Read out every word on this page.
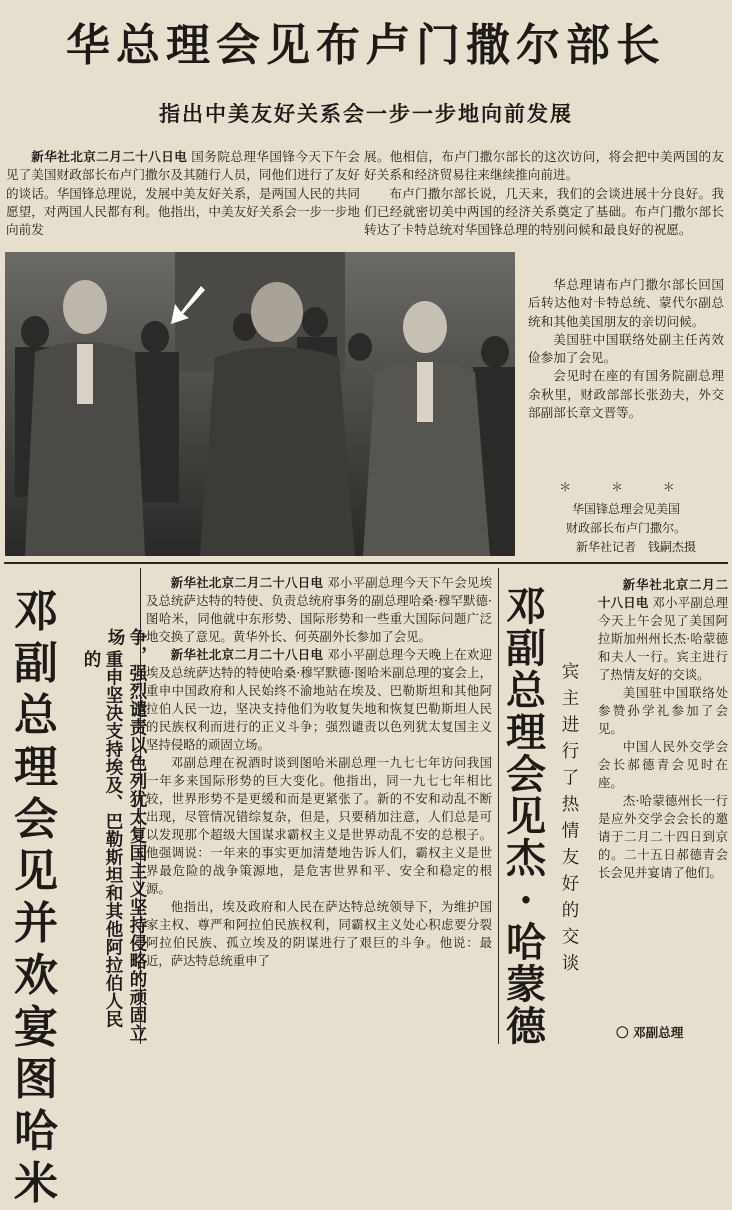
华总理会见布卢门撒尔部长
指出中美友好关系会一步一步地向前发展

新华社北京二月二十八日电 国务院总理华国锋今天下午会见了美国财政部长布卢门撒尔及其随行人员，同他们进行了友好的谈话。华国锋总理说，发展中美友好关系，是两国人民的共同愿望，对两国人民都有利。他指出，中美友好关系会一步一步地向前发

展。他相信，布卢门撒尔部长的这次访问，将会把中美两国的友好关系和经济贸易往来继续推向前进。

布卢门撒尔部长说，几天来，我们的会谈进展十分良好。我们已经就密切美中两国的经济关系奠定了基础。布卢门撒尔部长转达了卡特总统对华国锋总理的特别问候和最良好的祝愿。

华总理请布卢门撒尔部长回国后转达他对卡特总统、蒙代尔副总统和其他美国朋友的亲切问候。

美国驻中国联络处副主任芮效俭参加了会见。

会见时在座的有国务院副总理余秋里，财政部部长张劲夫，外交部副部长章文晋等。

＊ ＊ ＊
华国锋总理会见美国
财政部长布卢门撒尔。
新华社记者　钱嗣杰摄
邓
副
总
理
会
见
并
欢
宴
图
哈
米
争，强烈谴责以色列犹太复国主义坚持侵略的顽固立场
重申坚决支持埃及、巴勒斯坦和其他阿拉伯人民的

新华社北京二月二十八日电 邓小平副总理今天下午会见埃及总统萨达特的特使、负责总统府事务的副总理哈桑·穆罕默德·图哈米，同他就中东形势、国际形势和一些重大国际问题广泛地交换了意见。黄华外长、何英副外长参加了会见。

新华社北京二月二十八日电 邓小平副总理今天晚上在欢迎埃及总统萨达特的特使哈桑·穆罕默德·图哈米副总理的宴会上，重申中国政府和人民始终不渝地站在埃及、巴勒斯坦和其他阿拉伯人民一边，坚决支持他们为收复失地和恢复巴勒斯坦人民的民族权利而进行的正义斗争；强烈谴责以色列犹太复国主义坚持侵略的顽固立场。

邓副总理在祝酒时谈到图哈米副总理一九七七年访问我国一年多来国际形势的巨大变化。他指出，同一九七七年相比较，世界形势不是更缓和而是更紧张了。新的不安和动乱不断出现，尽管情况错综复杂，但是，只要稍加注意，人们总是可以发现那个超级大国谋求霸权主义是世界动乱不安的总根子。他强调说：一年来的事实更加清楚地告诉人们，霸权主义是世界最危险的战争策源地，是危害世界和平、安全和稳定的根源。

他指出，埃及政府和人民在萨达特总统领导下，为维护国家主权、尊严和阿拉伯民族权利，同霸权主义处心积虑要分裂阿拉伯民族、孤立埃及的阴谋进行了艰巨的斗争。他说：最近，萨达特总统重申了

邓
副
总
理
会
见
杰
·
哈
蒙
德
宾主进行了热情友好的交谈

新华社北京二月二十八日电 邓小平副总理今天上午会见了美国阿拉斯加州州长杰·哈蒙德和夫人一行。宾主进行了热情友好的交谈。

美国驻中国联络处参赞孙学礼参加了会见。

中国人民外交学会会长郝德青会见时在座。

杰·哈蒙德州长一行是应外交学会会长的邀请于二月二十四日到京的。二十五日郝德青会长会见并宴请了他们。

〇 邓副总理
